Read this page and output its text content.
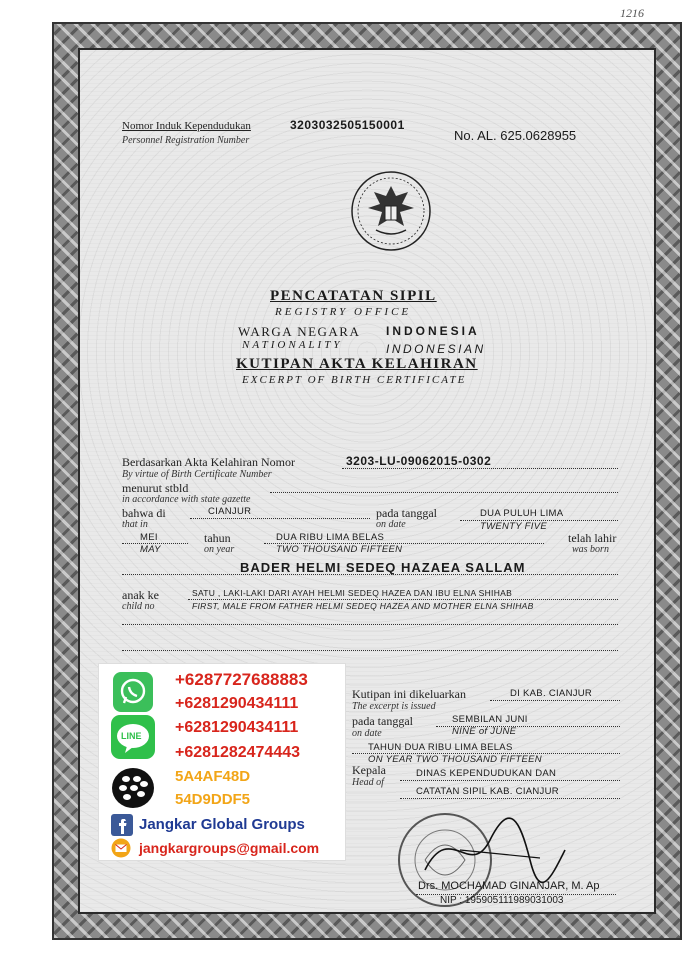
1216
Nomor Induk Kependudukan
Personnel Registration Number
3203032505150001
No. AL. 625.0628955
PENCATATAN SIPIL
REGISTRY OFFICE
WARGA NEGARA
NATIONALITY
INDONESIA
INDONESIAN
KUTIPAN AKTA KELAHIRAN
EXCERPT OF BIRTH CERTIFICATE
Berdasarkan Akta Kelahiran Nomor
By virtue of Birth Certificate Number
3203-LU-09062015-0302
menurut stbld
in accordance with state gazette
bahwa di
that in
CIANJUR	pada tanggal
on date
DUA PULUH LIMA
TWENTY FIVE
MEI
MAY
tahun
on year
DUA RIBU LIMA BELAS
TWO THOUSAND FIFTEEN
telah lahir
was born
BADER HELMI SEDEQ HAZAEA SALLAM
anak ke
child no
SATU , LAKI-LAKI DARI AYAH HELMI SEDEQ HAZEA DAN IBU ELNA SHIHAB
FIRST, MALE FROM FATHER HELMI SEDEQ HAZEA AND MOTHER ELNA SHIHAB
Kutipan ini dikeluarkan
The excerpt is issued
DI KAB. CIANJUR
pada tanggal
on date
SEMBILAN JUNI
NINE of JUNE
TAHUN DUA RIBU LIMA BELAS
ON YEAR TWO THOUSAND FIFTEEN
Kepala
Head of
DINAS KEPENDUDUKAN DAN
CATATAN SIPIL KAB. CIANJUR
Drs. MOCHAMAD GINANJAR, M. Ap
NIP : 195905111989031003
+6287727688883
+6281290434111
LINE +6281290434111
+6281282474443
5A4AF48D
54D9DDF5
Jangkar Global Groups
jangkargroups@gmail.com
